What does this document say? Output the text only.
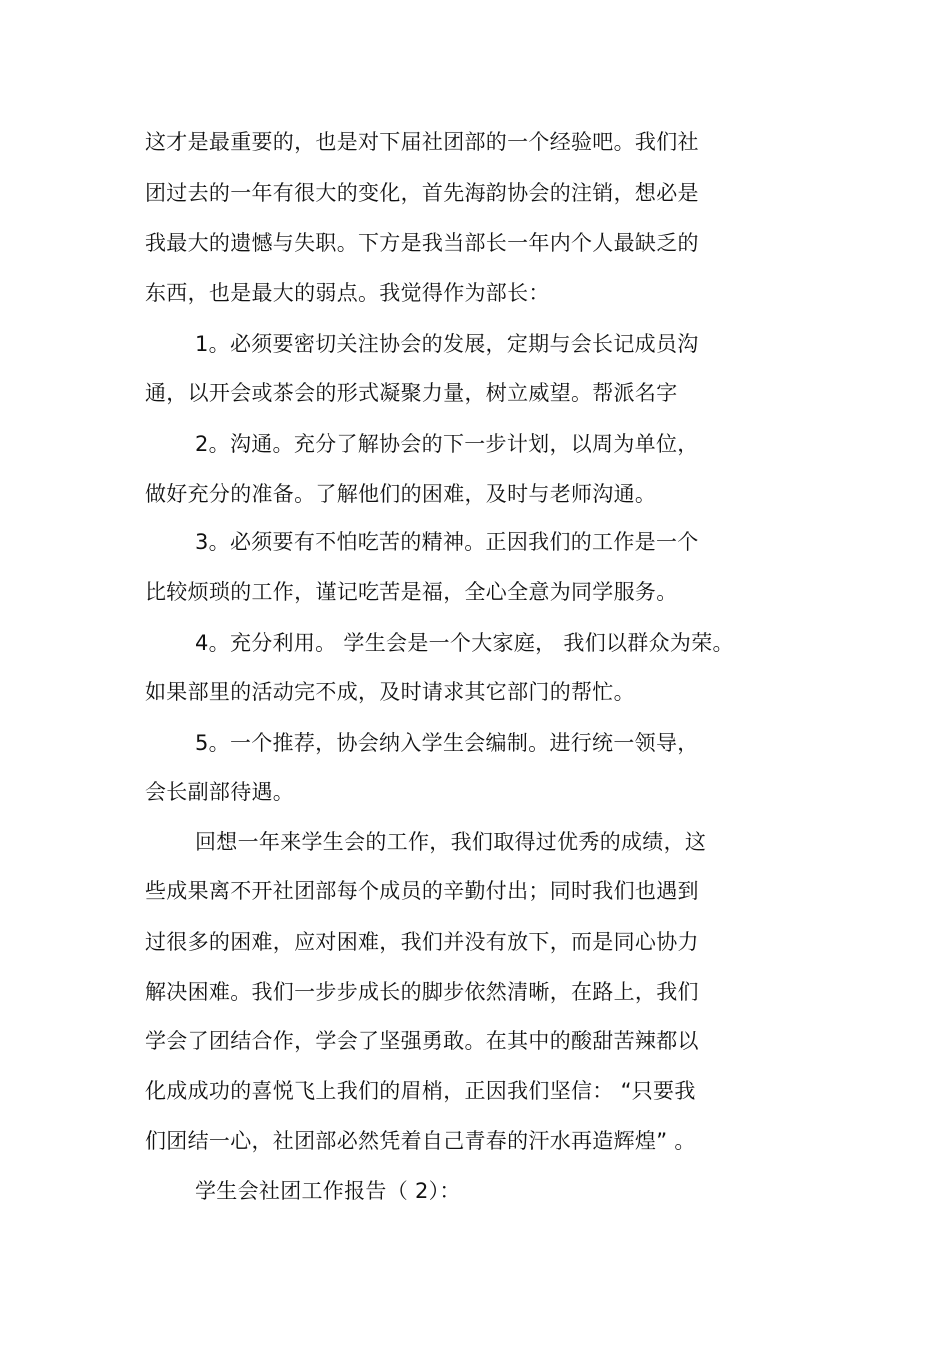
这才是最重要的，也是对下届社团部的一个经验吧。我们社
团过去的一年有很大的变化，首先海韵协会的注销，想必是
我最大的遗憾与失职。下方是我当部长一年内个人最缺乏的
东西，也是最大的弱点。我觉得作为部长：
1。必须要密切关注协会的发展，定期与会长记成员沟
通，以开会或茶会的形式凝聚力量，树立威望。帮派名字
2。沟通。充分了解协会的下一步计划，以周为单位，
做好充分的准备。了解他们的困难，及时与老师沟通。
3。必须要有不怕吃苦的精神。正因我们的工作是一个
比较烦琐的工作，谨记吃苦是福，全心全意为同学服务。
4。充分利用。 学生会是一个大家庭， 我们以群众为荣。
如果部里的活动完不成，及时请求其它部门的帮忙。
5。一个推荐，协会纳入学生会编制。进行统一领导，
会长副部待遇。
回想一年来学生会的工作，我们取得过优秀的成绩，这
些成果离不开社团部每个成员的辛勤付出；同时我们也遇到
过很多的困难，应对困难，我们并没有放下，而是同心协力
解决困难。我们一步步成长的脚步依然清晰，在路上，我们
学会了团结合作，学会了坚强勇敢。在其中的酸甜苦辣都以
化成成功的喜悦飞上我们的眉梢，正因我们坚信： “只要我
们团结一心，社团部必然凭着自己青春的汗水再造辉煌” 。
学生会社团工作报告（ 2）：
